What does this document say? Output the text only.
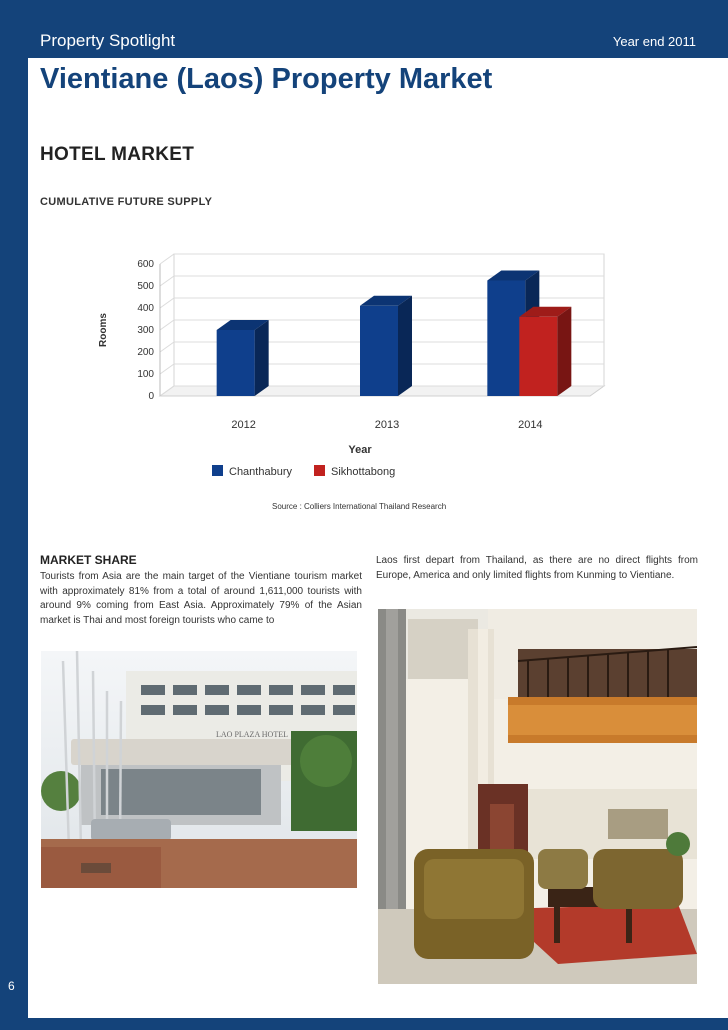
Property Spotlight	Year end 2011
Vientiane (Laos) Property Market
HOTEL MARKET
CUMULATIVE FUTURE SUPPLY
0
100
200
300
400
500
600
2012	2013	2014
Year
Rooms
Chanthabury	Sikhottabong
Source : Colliers International Thailand Research
MARKET SHARE
Tourists from Asia are the main target of the Vientiane tourism market with approximately 81% from a total of around 1,611,000 tourists with around 9% coming from East Asia. Approximately 79% of the Asian market is Thai and most foreign tourists who came to
Laos first depart from Thailand, as there are no direct flights from Europe, America and only limited flights from Kunming to Vientiane.
LAO PLAZA HOTEL
6
